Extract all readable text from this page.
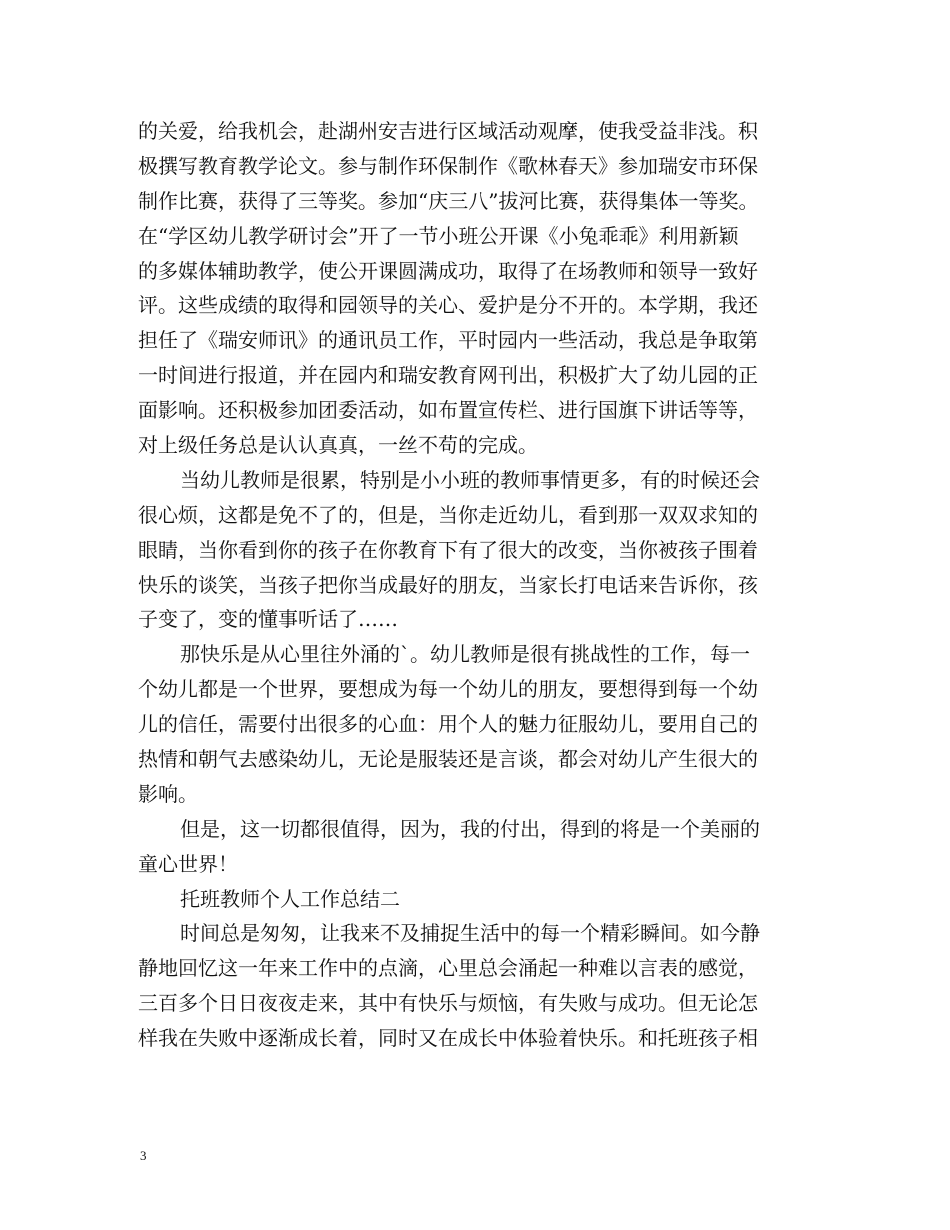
的关爱，给我机会，赴湖州安吉进行区域活动观摩，使我受益非浅。积
极撰写教育教学论文。参与制作环保制作《歌林春天》参加瑞安市环保
制作比赛，获得了三等奖。参加“庆三八”拔河比赛，获得集体一等奖。
在“学区幼儿教学研讨会”开了一节小班公开课《小兔乖乖》利用新颖
的多媒体辅助教学，使公开课圆满成功，取得了在场教师和领导一致好
评。这些成绩的取得和园领导的关心、爱护是分不开的。本学期，我还
担任了《瑞安师讯》的通讯员工作，平时园内一些活动，我总是争取第
一时间进行报道，并在园内和瑞安教育网刊出，积极扩大了幼儿园的正
面影响。还积极参加团委活动，如布置宣传栏、进行国旗下讲话等等，
对上级任务总是认认真真，一丝不苟的完成。
当幼儿教师是很累，特别是小小班的教师事情更多，有的时候还会
很心烦，这都是免不了的，但是，当你走近幼儿，看到那一双双求知的
眼睛，当你看到你的孩子在你教育下有了很大的改变，当你被孩子围着
快乐的谈笑，当孩子把你当成最好的朋友，当家长打电话来告诉你，孩
子变了，变的懂事听话了……
那快乐是从心里往外涌的`。幼儿教师是很有挑战性的工作，每一
个幼儿都是一个世界，要想成为每一个幼儿的朋友，要想得到每一个幼
儿的信任，需要付出很多的心血：用个人的魅力征服幼儿，要用自己的
热情和朝气去感染幼儿，无论是服装还是言谈，都会对幼儿产生很大的
影响。
但是，这一切都很值得，因为，我的付出，得到的将是一个美丽的
童心世界！
托班教师个人工作总结二
时间总是匆匆，让我来不及捕捉生活中的每一个精彩瞬间。如今静
静地回忆这一年来工作中的点滴，心里总会涌起一种难以言表的感觉，
三百多个日日夜夜走来，其中有快乐与烦恼，有失败与成功。但无论怎
样我在失败中逐渐成长着，同时又在成长中体验着快乐。和托班孩子相
3
